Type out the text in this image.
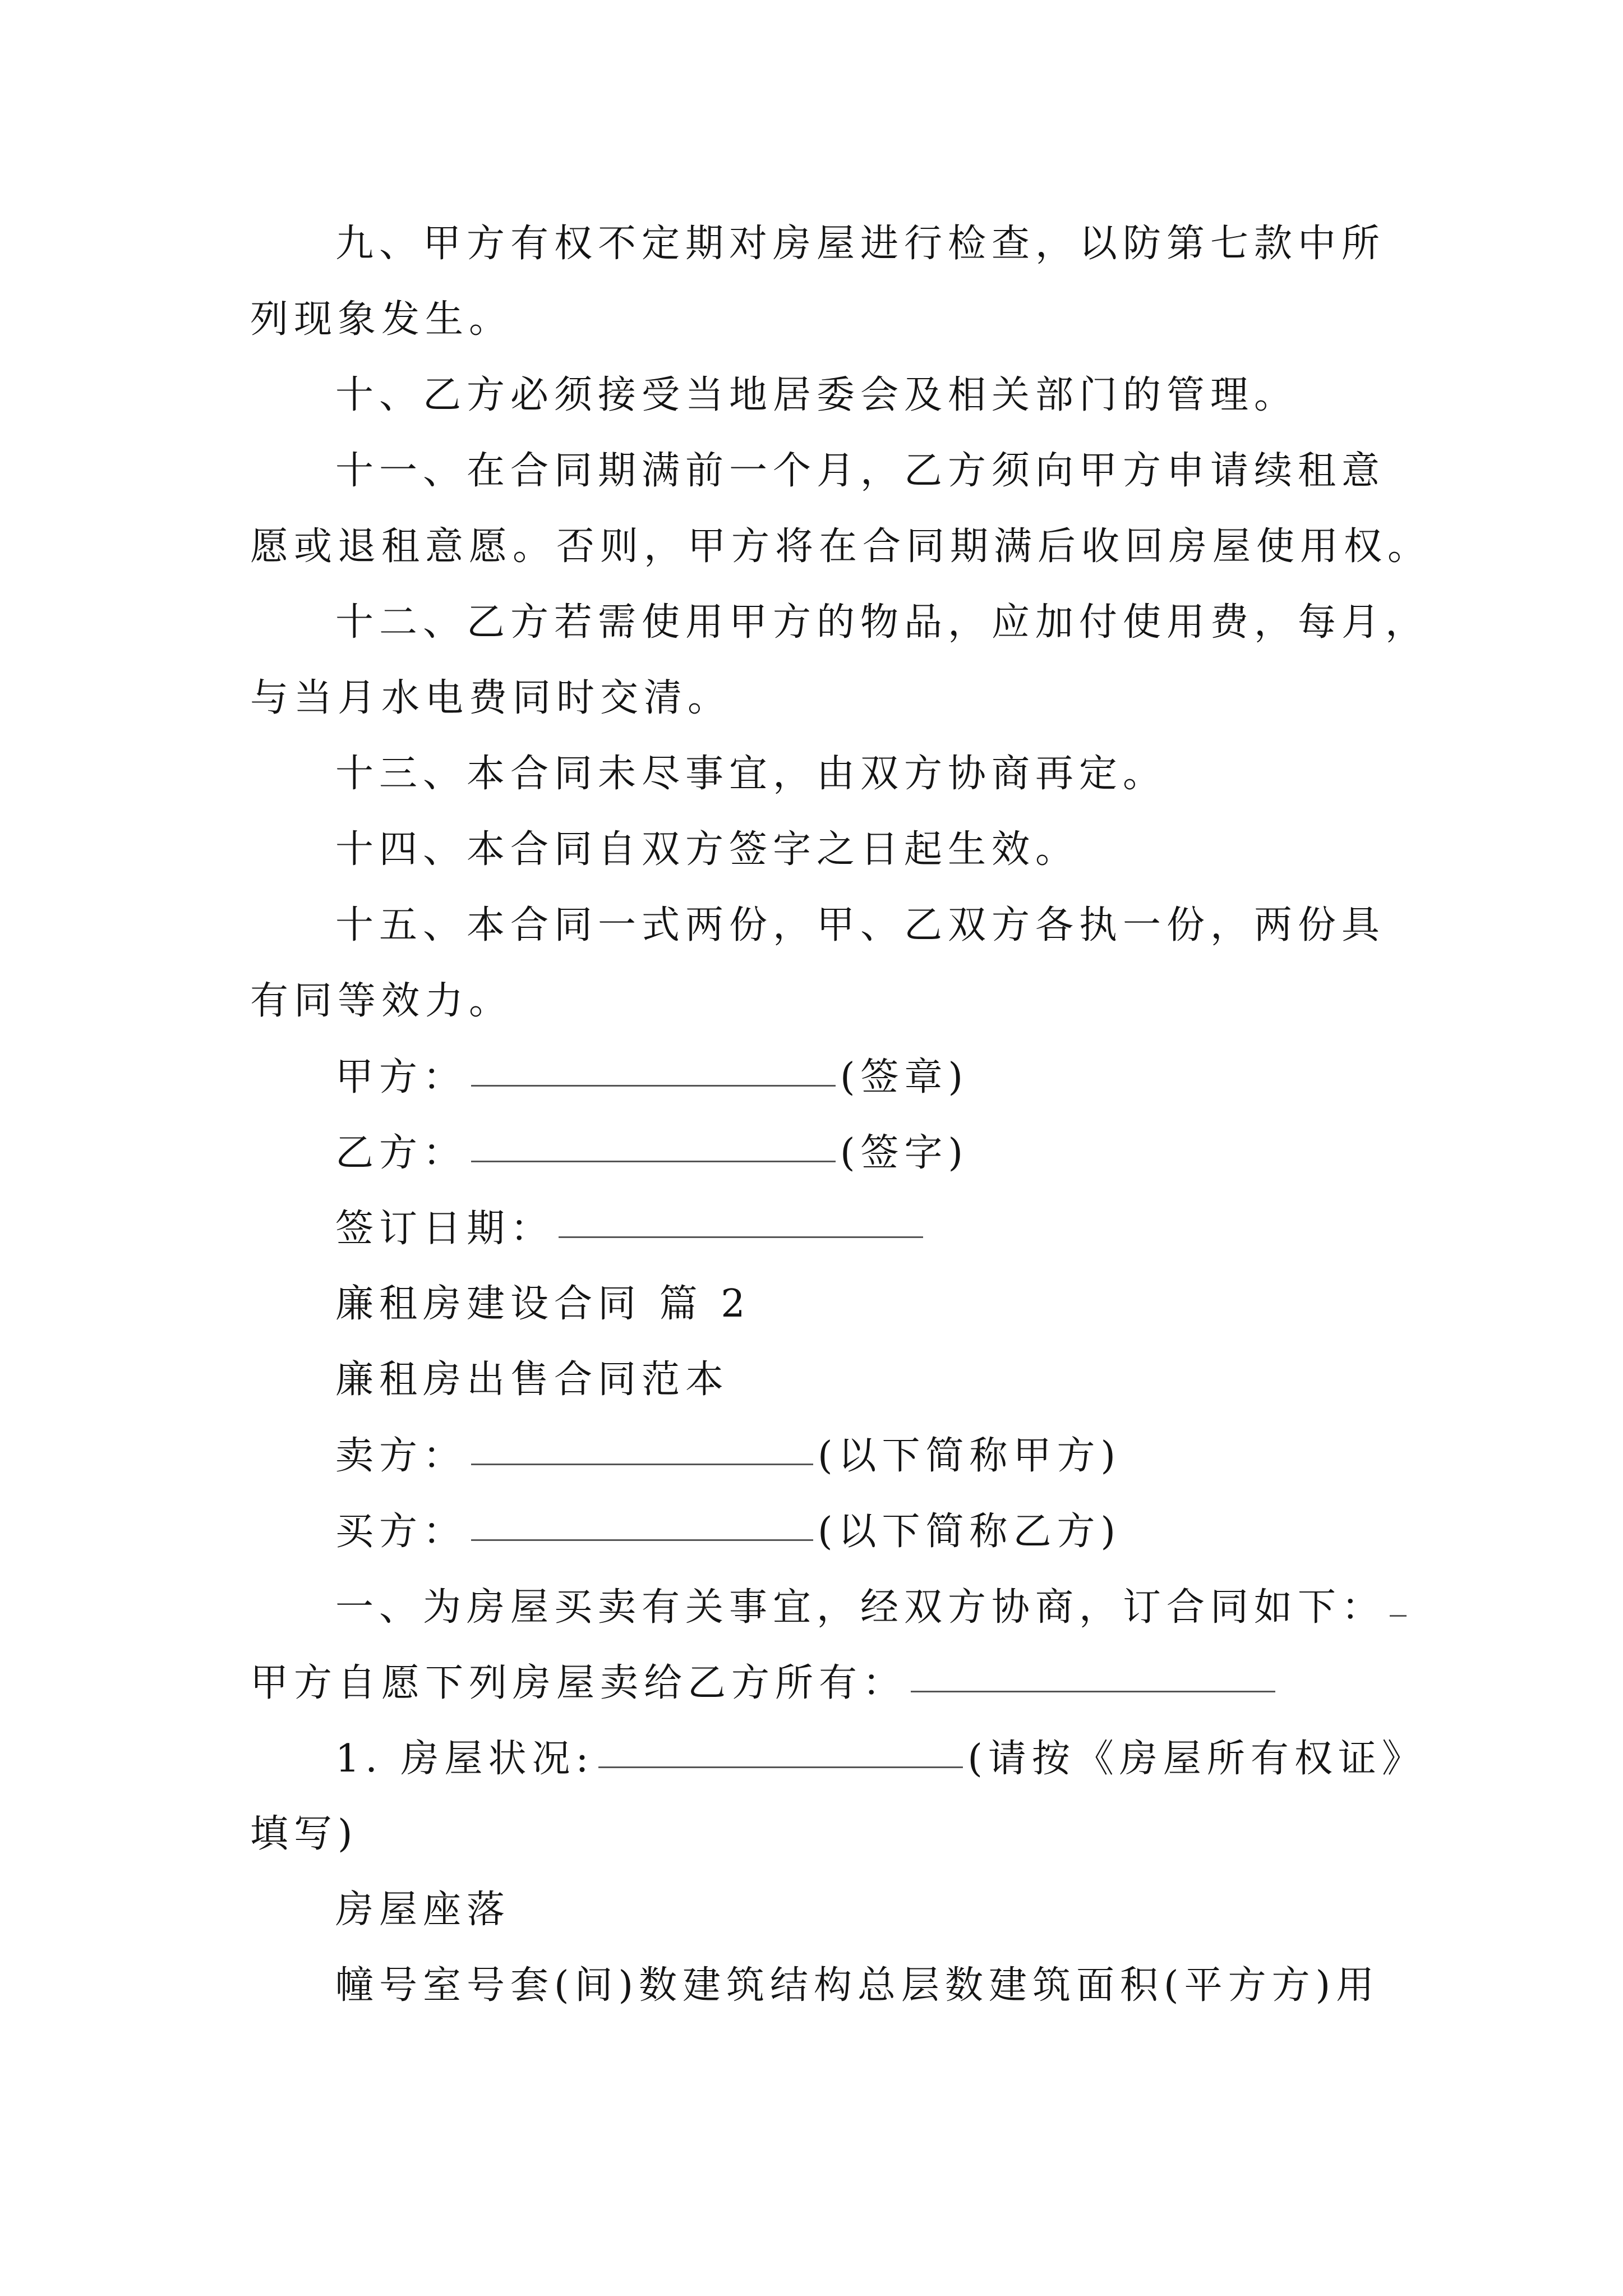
九、甲方有权不定期对房屋进行检查，以防第七款中所
列现象发生。
十、乙方必须接受当地居委会及相关部门的管理。
十一、在合同期满前一个月，乙方须向甲方申请续租意
愿或退租意愿。否则，甲方将在合同期满后收回房屋使用权。
十二、乙方若需使用甲方的物品，应加付使用费，每月，
与当月水电费同时交清。
十三、本合同未尽事宜，由双方协商再定。
十四、本合同自双方签字之日起生效。
十五、本合同一式两份，甲、乙双方各执一份，两份具
有同等效力。
甲方：	(签章)
乙方：	(签字)
签订日期：
廉租房建设合同 篇 2
廉租房出售合同范本
卖方：	(以下简称甲方)
买方：	(以下简称乙方)
一、为房屋买卖有关事宜，经双方协商，订合同如下：
甲方自愿下列房屋卖给乙方所有：
1. 房屋状况:	(请按《房屋所有权证》
填写)
房屋座落
幢号室号套(间)数建筑结构总层数建筑面积(平方方)用
